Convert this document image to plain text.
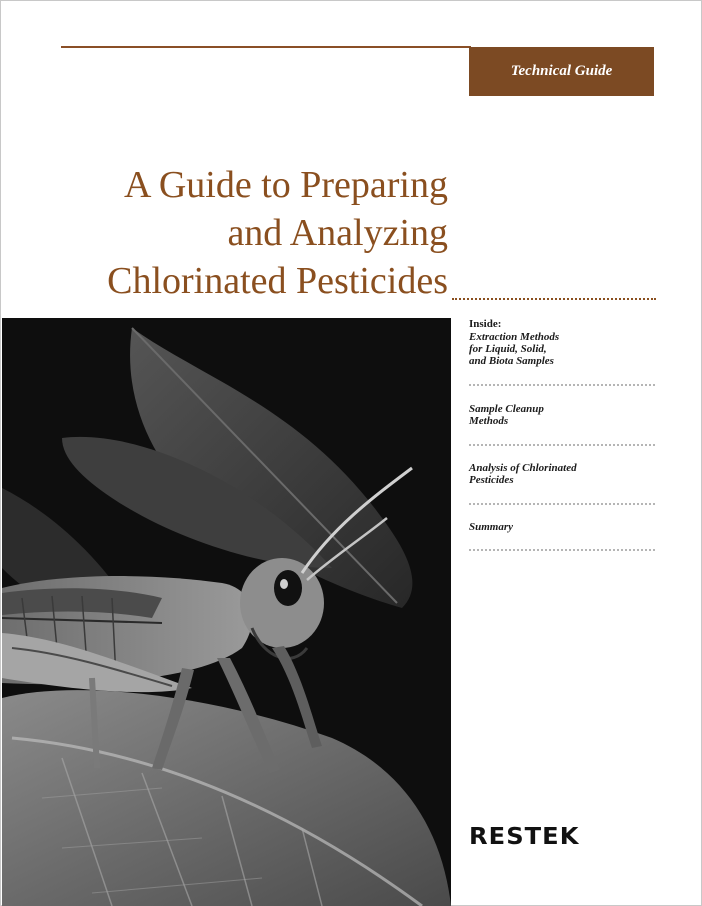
Technical Guide
A Guide to Preparing
and Analyzing
Chlorinated Pesticides
Inside:
Extraction Methods
for Liquid, Solid,
and Biota Samples
Sample Cleanup
Methods
Analysis of Chlorinated
Pesticides
Summary
RESTEK
